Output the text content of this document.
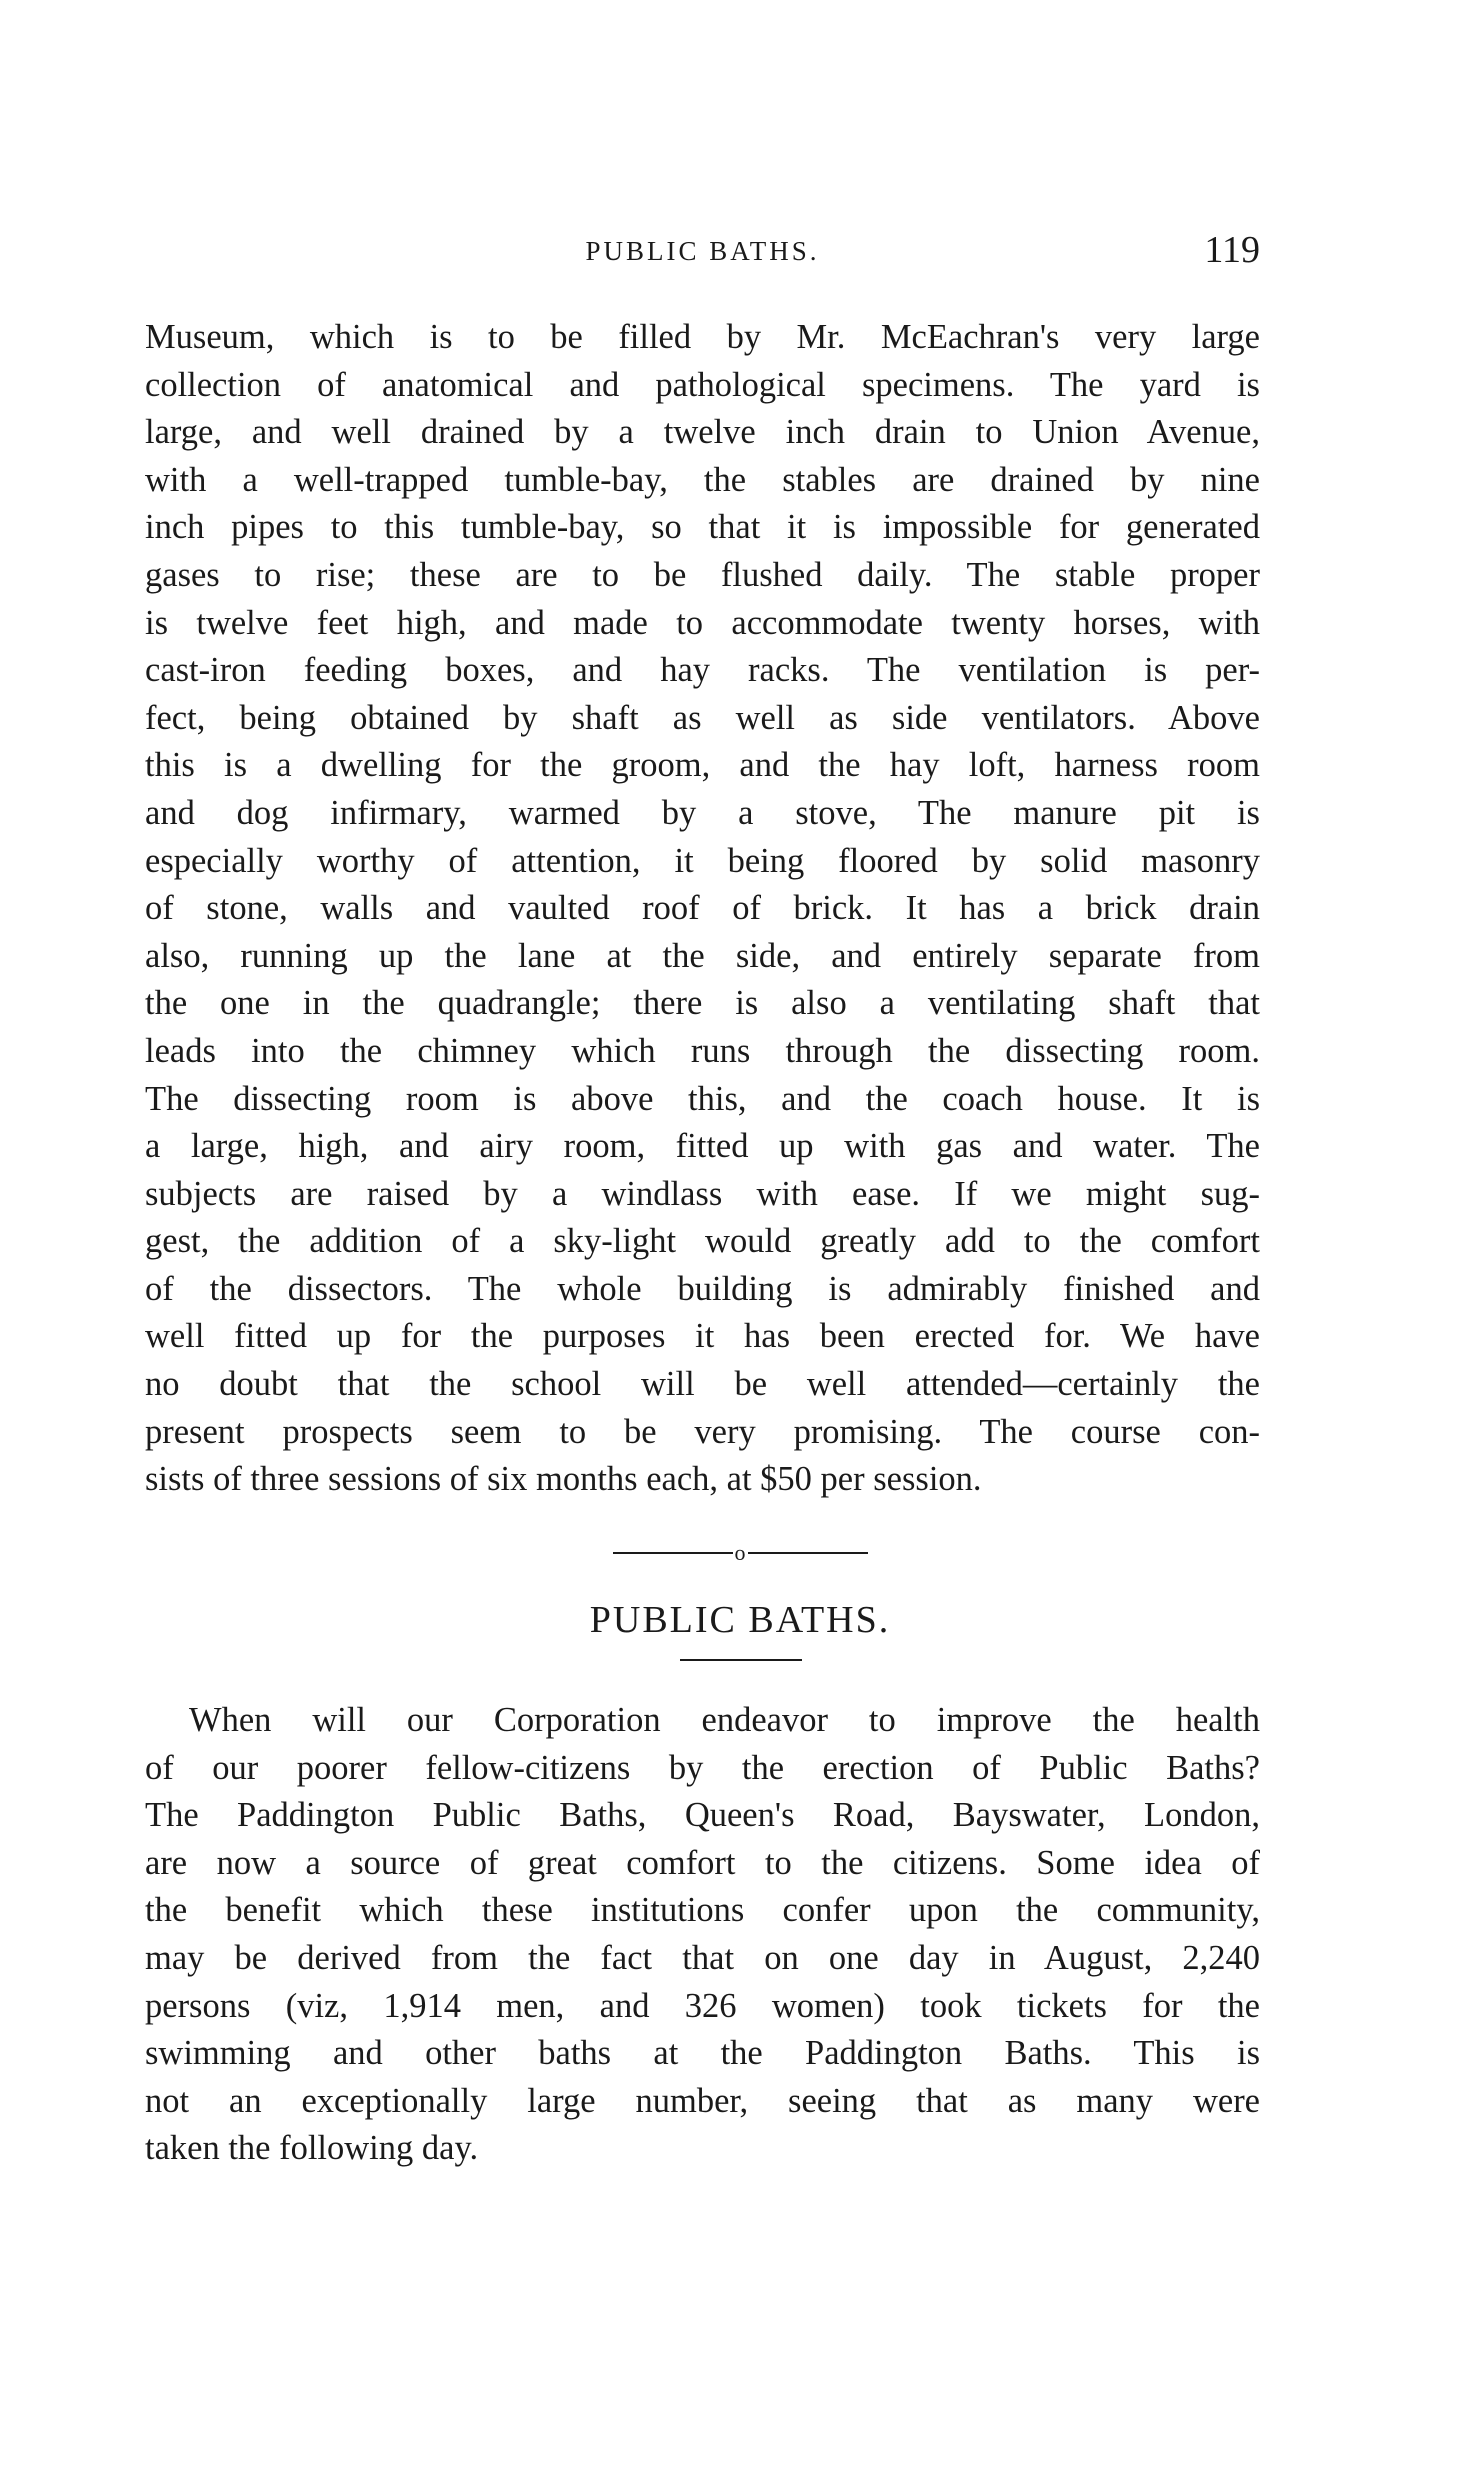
PUBLIC BATHS.	119
Museum, which is to be filled by Mr. McEachran's very large
collection of anatomical and pathological specimens. The yard is
large, and well drained by a twelve inch drain to Union Avenue,
with a well-trapped tumble-bay, the stables are drained by nine
inch pipes to this tumble-bay, so that it is impossible for generated
gases to rise; these are to be flushed daily. The stable proper
is twelve feet high, and made to accommodate twenty horses, with
cast-iron feeding boxes, and hay racks. The ventilation is per-
fect, being obtained by shaft as well as side ventilators. Above
this is a dwelling for the groom, and the hay loft, harness room
and dog infirmary, warmed by a stove, The manure pit is
especially worthy of attention, it being floored by solid masonry
of stone, walls and vaulted roof of brick. It has a brick drain
also, running up the lane at the side, and entirely separate from
the one in the quadrangle; there is also a ventilating shaft that
leads into the chimney which runs through the dissecting room.
The dissecting room is above this, and the coach house. It is
a large, high, and airy room, fitted up with gas and water. The
subjects are raised by a windlass with ease. If we might sug-
gest, the addition of a sky-light would greatly add to the comfort
of the dissectors. The whole building is admirably finished and
well fitted up for the purposes it has been erected for. We have
no doubt that the school will be well attended—certainly the
present prospects seem to be very promising. The course con-
sists of three sessions of six months each, at $50 per session.
o
PUBLIC BATHS.
When will our Corporation endeavor to improve the health
of our poorer fellow-citizens by the erection of Public Baths?
The Paddington Public Baths, Queen's Road, Bayswater, London,
are now a source of great comfort to the citizens. Some idea of
the benefit which these institutions confer upon the community,
may be derived from the fact that on one day in August, 2,240
persons (viz, 1,914 men, and 326 women) took tickets for the
swimming and other baths at the Paddington Baths. This is
not an exceptionally large number, seeing that as many were
taken the following day.
